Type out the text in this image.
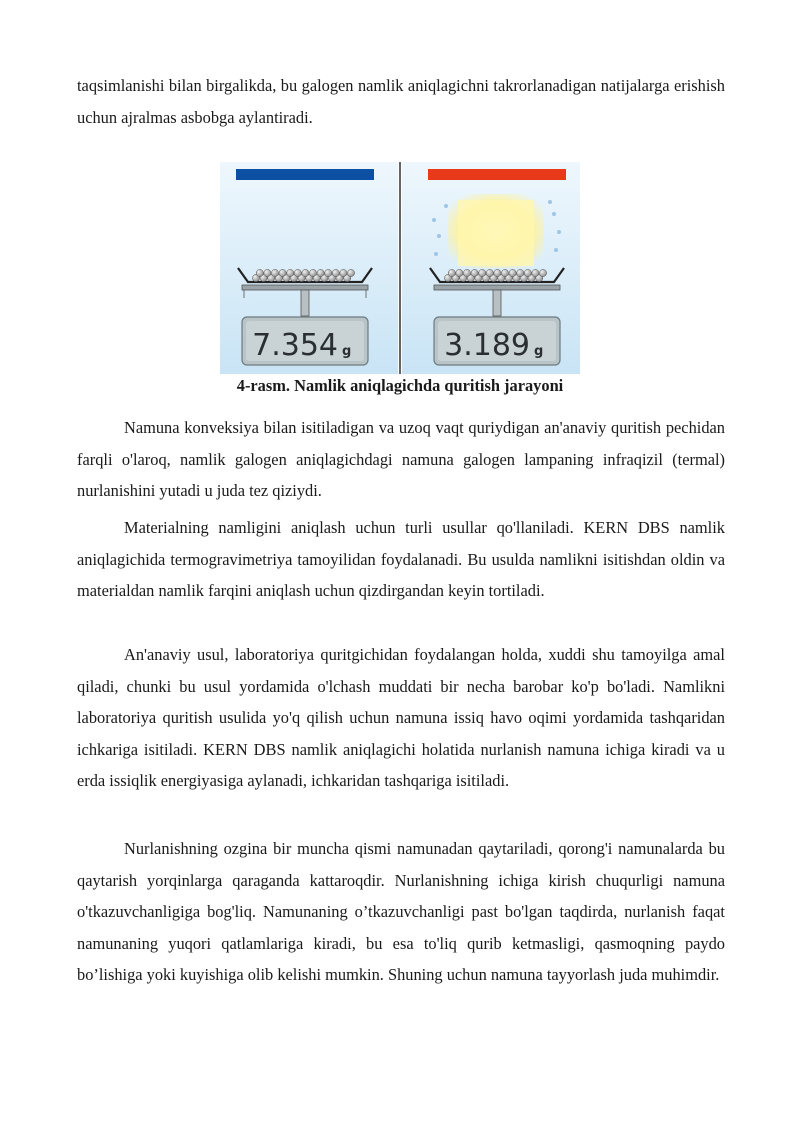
taqsimlanishi bilan birgalikda, bu galogen namlik aniqlagichni takrorlanadigan natijalarga erishish uchun ajralmas asbobga aylantiradi.

7.354 g	3.189 g

4-rasm. Namlik aniqlagichda quritish jarayoni

Namuna konveksiya bilan isitiladigan va uzoq vaqt quriydigan an'anaviy quritish pechidan farqli o'laroq, namlik galogen aniqlagichdagi namuna galogen lampaning infraqizil (termal) nurlanishini yutadi u juda tez qiziydi.

Materialning namligini aniqlash uchun turli usullar qo'llaniladi. KERN DBS namlik aniqlagichida termogravimetriya tamoyilidan foydalanadi. Bu usulda namlikni isitishdan oldin va materialdan namlik farqini aniqlash uchun qizdirgandan keyin tortiladi.

An'anaviy usul, laboratoriya quritgichidan foydalangan holda, xuddi shu tamoyilga amal qiladi, chunki bu usul yordamida o'lchash muddati bir necha barobar ko'p bo'ladi. Namlikni laboratoriya quritish usulida yo'q qilish uchun namuna issiq havo oqimi yordamida tashqaridan ichkariga isitiladi. KERN DBS namlik aniqlagichi holatida nurlanish namuna ichiga kiradi va u erda issiqlik energiyasiga aylanadi, ichkaridan tashqariga isitiladi.

Nurlanishning ozgina bir muncha qismi namunadan qaytariladi, qorong'i namunalarda bu qaytarish yorqinlarga qaraganda kattaroqdir. Nurlanishning ichiga kirish chuqurligi namuna o'tkazuvchanligiga bog'liq. Namunaning o’tkazuvchanligi past bo'lgan taqdirda, nurlanish faqat namunaning yuqori qatlamlariga kiradi, bu esa to'liq qurib ketmasligi, qasmoqning paydo bo’lishiga yoki kuyishiga olib kelishi mumkin. Shuning uchun namuna tayyorlash juda muhimdir.
